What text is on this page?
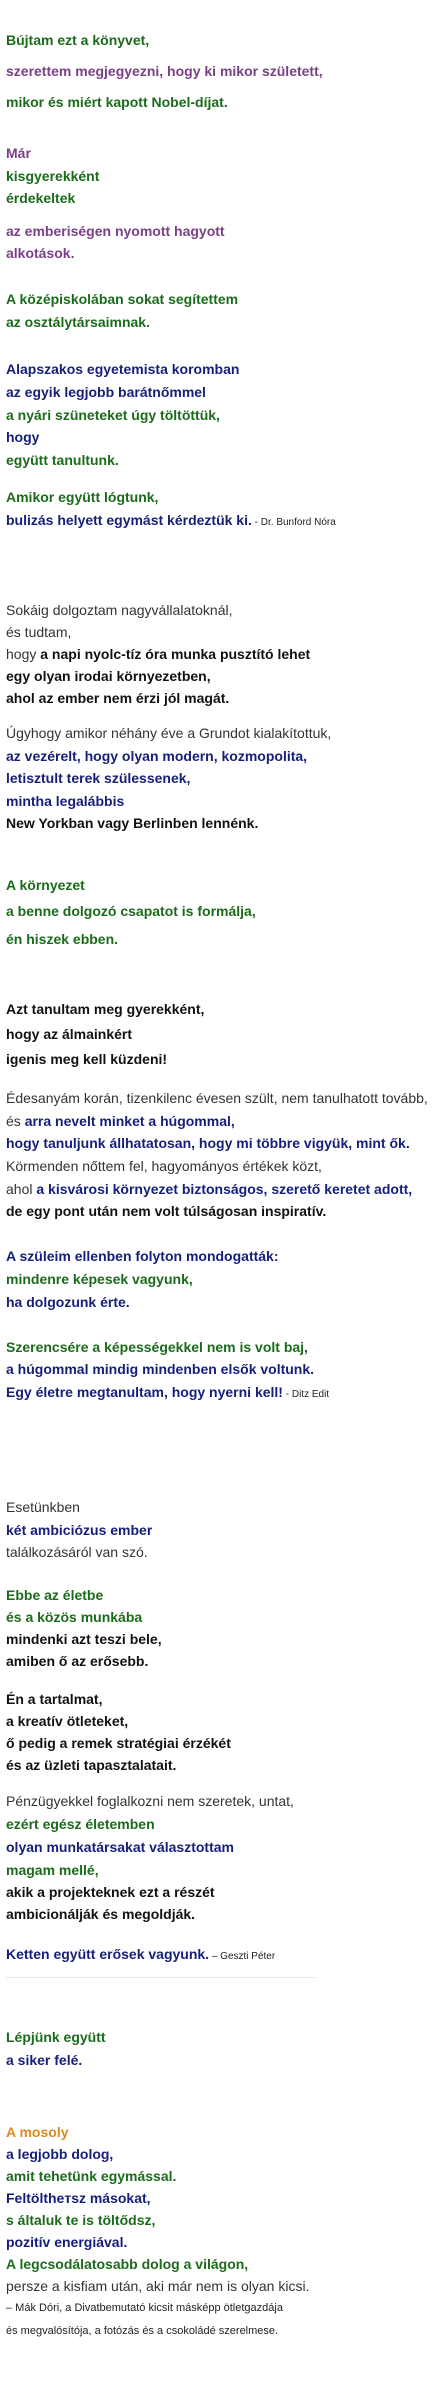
Bújtam ezt a könyvet,
szerettem megjegyezni, hogy ki mikor született,
mikor és miért kapott Nobel-díjat.
Már
kisgyerekként
érdekeltek
az emberiségen nyomott hagyott
alkotások.
A középiskolában sokat segítettem
az osztálytársaimnak.
Alapszakos egyetemista koromban
az egyik legjobb barátnőmmel
a nyári szüneteket úgy töltöttük,
hogy
együtt tanultunk.
Amikor együtt lógtunk,
bulizás helyett egymást kérdeztük ki. - Dr. Bunford Nóra
Sokáig dolgoztam nagyvállalatoknál,
és tudtam,
hogy a napi nyolc-tíz óra munka pusztító lehet
egy olyan irodai környezetben,
ahol az ember nem érzi jól magát.
Úgyhogy amikor néhány éve a Grundot kialakítottuk,
az vezérelt, hogy olyan modern, kozmopolita,
letisztult terek szülessenek,
mintha legalábbis
New Yorkban vagy Berlinben lennénk.
A környezet
a benne dolgozó csapatot is formálja,
én hiszek ebben.
Azt tanultam meg gyerekként,
hogy az álmainkért
igenis meg kell küzdeni!
Édesanyám korán, tizenkilenc évesen szült, nem tanulhatott tovább,
és arra nevelt minket a húgommal,
hogy tanuljunk állhatatosan, hogy mi többre vigyük, mint ők.
Körmenden nőttem fel, hagyományos értékek közt,
ahol a kisvárosi környezet biztonságos, szerető keretet adott,
de egy pont után nem volt túlságosan inspiratív.
A szüleim ellenben folyton mondogatták:
mindenre képesek vagyunk,
ha dolgozunk érte.
Szerencsére a képességekkel nem is volt baj,
a húgommal mindig mindenben elsők voltunk.
Egy életre megtanultam, hogy nyerni kell! - Ditz Edit
Esetünkben
két ambiciózus ember
találkozásáról van szó.
Ebbe az életbe
és a közös munkába
mindenki azt teszi bele,
amiben ő az erősebb.
Én a tartalmat,
a kreatív ötleteket,
ő pedig a remek stratégiai érzékét
és az üzleti tapasztalatait.
Pénzügyekkel foglalkozni nem szeretek, untat,
ezért egész életemben
olyan munkatársakat választottam
magam mellé,
akik a projekteknek ezt a részét
ambicionálják és megoldják.
Ketten együtt erősek vagyunk. – Geszti Péter
Lépjünk együtt
a siker felé.
A mosoly
a legjobb dolog,
amit tehetünk egymással.
Feltöltheтsz másokat,
s általuk te is töltődsz,
pozitív energiával.
A legcsodálatosabb dolog a világon,
persze a kisfiam után, aki már nem is olyan kicsi.
– Mák Dóri, a Divatbemutató kicsit másképp ötletgazdája
és megvalósítója, a fotózás és a csokoládé szerelmese.
